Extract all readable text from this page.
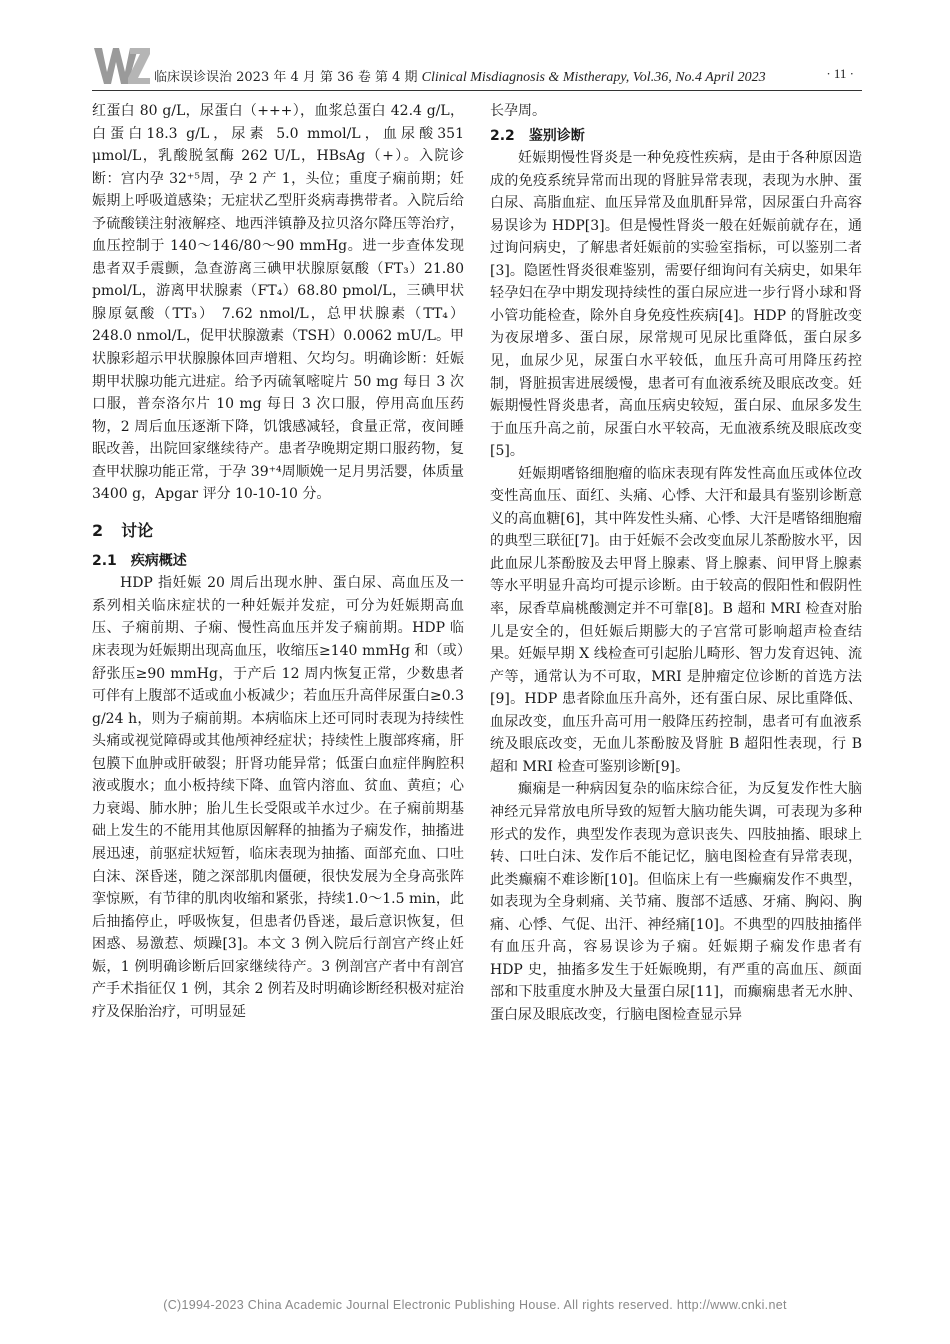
临床误诊误治 2023 年 4 月 第 36 卷 第 4 期 Clinical Misdiagnosis & Mistherapy, Vol.36, No.4 April 2023	· 11 ·

红蛋白 80 g/L，尿蛋白（+++），血浆总蛋白 42.4 g/L，白蛋白18.3 g/L，尿素 5.0 mmol/L，血尿酸351 μmol/L，乳酸脱氢酶 262 U/L，HBsAg（+）。入院诊断：宫内孕 32⁺⁵周，孕 2 产 1，头位；重度子痫前期；妊娠期上呼吸道感染；无症状乙型肝炎病毒携带者。入院后给予硫酸镁注射液解痉、地西泮镇静及拉贝洛尔降压等治疗，血压控制于 140～146/80～90 mmHg。进一步查体发现患者双手震颤，急查游离三碘甲状腺原氨酸（FT₃）21.80 pmol/L，游离甲状腺素（FT₄）68.80 pmol/L，三碘甲状腺原氨酸（TT₃） 7.62 nmol/L，总甲状腺素（TT₄） 248.0 nmol/L，促甲状腺激素（TSH）0.0062 mU/L。甲状腺彩超示甲状腺腺体回声增粗、欠均匀。明确诊断：妊娠期甲状腺功能亢进症。给予丙硫氧嘧啶片 50 mg 每日 3 次口服，普奈洛尔片 10 mg 每日 3 次口服，停用高血压药物，2 周后血压逐渐下降，饥饿感减轻，食量正常，夜间睡眠改善，出院回家继续待产。患者孕晚期定期口服药物，复查甲状腺功能正常，于孕 39⁺⁴周顺娩一足月男活婴，体质量 3400 g，Apgar 评分 10-10-10 分。

2 讨论
2.1 疾病概述

HDP 指妊娠 20 周后出现水肿、蛋白尿、高血压及一系列相关临床症状的一种妊娠并发症，可分为妊娠期高血压、子痫前期、子痫、慢性高血压并发子痫前期。HDP 临床表现为妊娠期出现高血压，收缩压≥140 mmHg 和（或）舒张压≥90 mmHg，于产后 12 周内恢复正常，少数患者可伴有上腹部不适或血小板减少；若血压升高伴尿蛋白≥0.3 g/24 h，则为子痫前期。本病临床上还可同时表现为持续性头痛或视觉障碍或其他颅神经症状；持续性上腹部疼痛，肝包膜下血肿或肝破裂；肝肾功能异常；低蛋白血症伴胸腔积液或腹水；血小板持续下降、血管内溶血、贫血、黄疸；心力衰竭、肺水肿；胎儿生长受限或羊水过少。在子痫前期基础上发生的不能用其他原因解释的抽搐为子痫发作，抽搐进展迅速，前驱症状短暂，临床表现为抽搐、面部充血、口吐白沫、深昏迷，随之深部肌肉僵硬，很快发展为全身高张阵挛惊厥，有节律的肌肉收缩和紧张，持续1.0～1.5 min，此后抽搐停止，呼吸恢复，但患者仍昏迷，最后意识恢复，但困惑、易激惹、烦躁[3]。本文 3 例入院后行剖宫产终止妊娠，1 例明确诊断后回家继续待产。3 例剖宫产者中有剖宫产手术指征仅 1 例，其余 2 例若及时明确诊断经积极对症治疗及保胎治疗，可明显延

长孕周。

2.2 鉴别诊断

妊娠期慢性肾炎是一种免疫性疾病，是由于各种原因造成的免疫系统异常而出现的肾脏异常表现，表现为水肿、蛋白尿、高脂血症、血压异常及血肌酐异常，因尿蛋白升高容易误诊为 HDP[3]。但是慢性肾炎一般在妊娠前就存在，通过询问病史，了解患者妊娠前的实验室指标，可以鉴别二者[3]。隐匿性肾炎很难鉴别，需要仔细询问有关病史，如果年轻孕妇在孕中期发现持续性的蛋白尿应进一步行肾小球和肾小管功能检查，除外自身免疫性疾病[4]。HDP 的肾脏改变为夜尿增多、蛋白尿，尿常规可见尿比重降低，蛋白尿多见，血尿少见，尿蛋白水平较低，血压升高可用降压药控制，肾脏损害进展缓慢，患者可有血液系统及眼底改变。妊娠期慢性肾炎患者，高血压病史较短，蛋白尿、血尿多发生于血压升高之前，尿蛋白水平较高，无血液系统及眼底改变[5]。

妊娠期嗜铬细胞瘤的临床表现有阵发性高血压或体位改变性高血压、面红、头痛、心悸、大汗和最具有鉴别诊断意义的高血糖[6]，其中阵发性头痛、心悸、大汗是嗜铬细胞瘤的典型三联征[7]。由于妊娠不会改变血尿儿茶酚胺水平，因此血尿儿茶酚胺及去甲肾上腺素、肾上腺素、间甲肾上腺素等水平明显升高均可提示诊断。由于较高的假阳性和假阴性率，尿香草扁桃酸测定并不可靠[8]。B 超和 MRI 检查对胎儿是安全的，但妊娠后期膨大的子宫常可影响超声检查结果。妊娠早期 X 线检查可引起胎儿畸形、智力发育迟钝、流产等，通常认为不可取，MRI 是肿瘤定位诊断的首选方法[9]。HDP 患者除血压升高外，还有蛋白尿、尿比重降低、血尿改变，血压升高可用一般降压药控制，患者可有血液系统及眼底改变，无血儿茶酚胺及肾脏 B 超阳性表现，行 B 超和 MRI 检查可鉴别诊断[9]。

癫痫是一种病因复杂的临床综合征，为反复发作性大脑神经元异常放电所导致的短暂大脑功能失调，可表现为多种形式的发作，典型发作表现为意识丧失、四肢抽搐、眼球上转、口吐白沫、发作后不能记忆，脑电图检查有异常表现，此类癫痫不难诊断[10]。但临床上有一些癫痫发作不典型，如表现为全身刺痛、关节痛、腹部不适感、牙痛、胸闷、胸痛、心悸、气促、出汗、神经痛[10]。不典型的四肢抽搐伴有血压升高，容易误诊为子痫。妊娠期子痫发作患者有 HDP 史，抽搐多发生于妊娠晚期，有严重的高血压、颜面部和下肢重度水肿及大量蛋白尿[11]，而癫痫患者无水肿、蛋白尿及眼底改变，行脑电图检查显示异

(C)1994-2023 China Academic Journal Electronic Publishing House. All rights reserved. http://www.cnki.net
